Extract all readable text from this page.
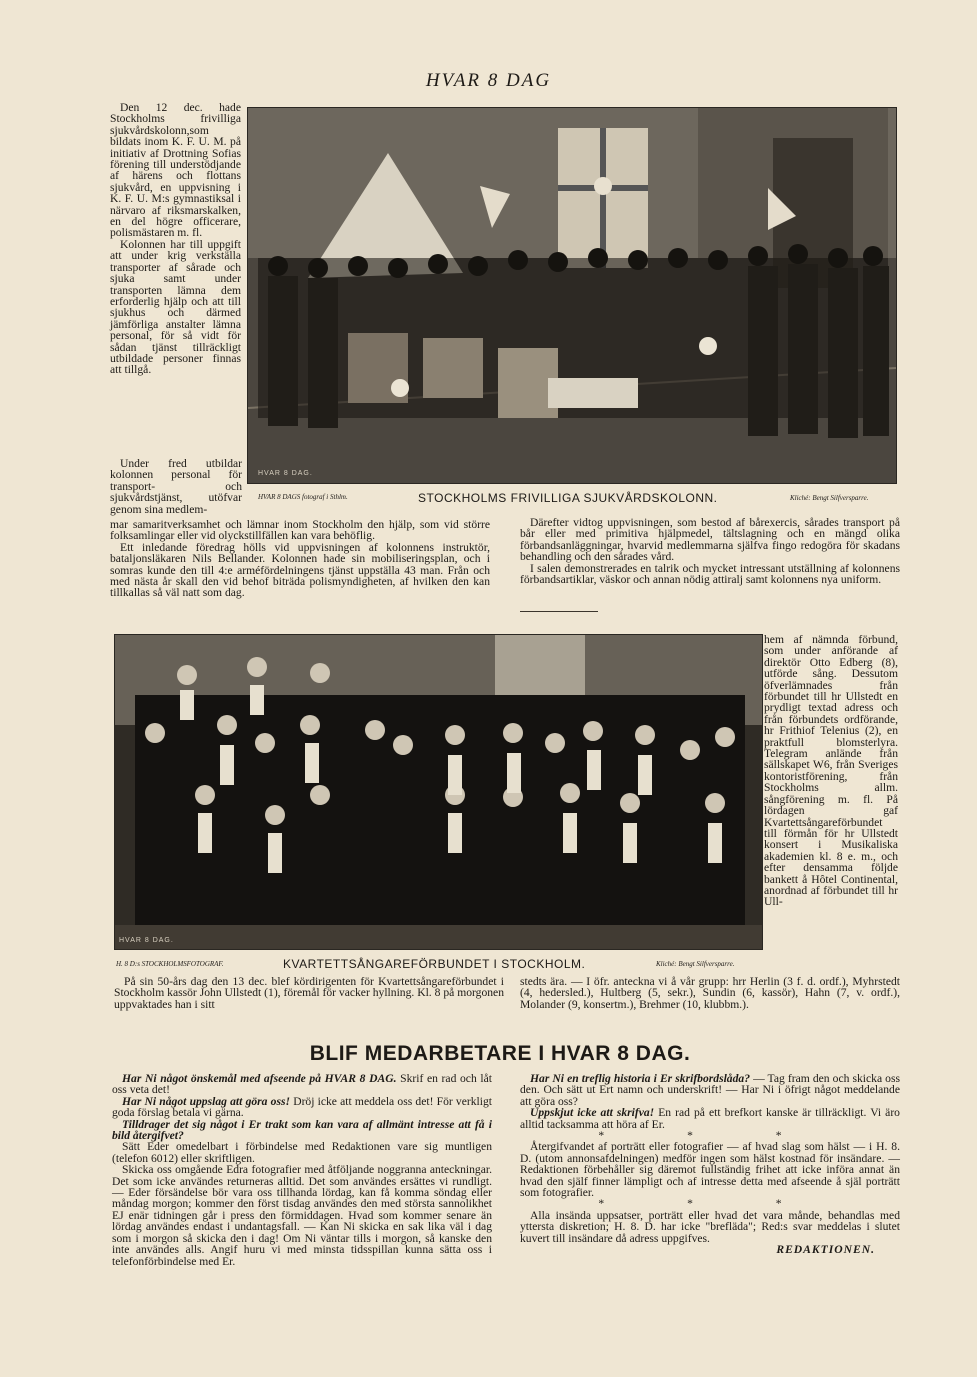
HVAR 8 DAG

Den 12 dec. hade Stockholms frivilliga sjukvårdskolonn,som bildats inom K. F. U. M. på initiativ af Drottning Sofias förening till understödjande af härens och flottans sjukvård, en uppvisning i K. F. U. M:s gymnastiksal i närvaro af riksmarskalken, en del högre officerare, polismästaren m. fl.

Kolonnen har till uppgift att under krig verkställa transporter af sårade och sjuka samt under transporten lämna dem erforderlig hjälp och att till sjukhus och därmed jämförliga anstalter lämna personal, för så vidt för sådan tjänst tillräckligt utbildade personer finnas att tillgå.

Under fred utbildar kolonnen personal för transport- och sjukvårdstjänst, utöfvar genom sina medlem-

HVAR 8 DAG.
HVAR 8 DAGS fotograf i Sthlm.	STOCKHOLMS FRIVILLIGA SJUKVÅRDSKOLONN.	Kliché: Bengt Silfversparre.

mar samaritverksamhet och lämnar inom Stockholm den hjälp, som vid större folksamlingar eller vid olyckstillfällen kan vara behöflig.

Ett inledande föredrag hölls vid uppvisningen af kolonnens instruktör, bataljonsläkaren Nils Bellander. Kolonnen hade sin mobiliseringsplan, och i somras kunde den till 4:e arméfördelningens tjänst uppställa 43 man. Från och med nästa år skall den vid behof biträda polismyndigheten, af hvilken den kan tillkallas så väl natt som dag.

Därefter vidtog uppvisningen, som bestod af bårexercis, sårades transport på bår eller med primitiva hjälpmedel, tältslagning och en mängd olika förbandsanläggningar, hvarvid medlemmarna själfva fingo redogöra för skadans behandling och den sårades vård.

I salen demonstrerades en talrik och mycket intressant utställning af kolonnens förbandsartiklar, väskor och annan nödig attiralj samt kolonnens nya uniform.

HVAR 8 DAG.

hem af nämnda förbund, som under anförande af direktör Otto Edberg (8), utförde sång. Dessutom öfverlämnades från förbundet till hr Ullstedt en prydligt textad adress och från förbundets ordförande, hr Frithiof Telenius (2), en praktfull blomsterlyra. Telegram anlände från sällskapet W6, från Sveriges kontoristförening, från Stockholms allm. sångförening m. fl. På lördagen gaf Kvartettsångareförbundet till förmån för hr Ullstedt konsert i Musikaliska akademien kl. 8 e. m., och efter densamma följde bankett å Hôtel Continental, anordnad af förbundet till hr Ull-

H. 8 D:s STOCKHOLMSFOTOGRAF.	KVARTETTSÅNGAREFÖRBUNDET I STOCKHOLM.	Kliché: Bengt Silfversparre.

På sin 50-års dag den 13 dec. blef kördirigenten för Kvartettsångareförbundet i Stockholm kassör John Ullstedt (1), föremål för vacker hyllning. Kl. 8 på morgonen uppvaktades han i sitt

stedts ära. — I öfr. anteckna vi å vår grupp: hrr Herlin (3 f. d. ordf.), Myhrstedt (4, hedersled.), Hultberg (5, sekr.), Sundin (6, kassör), Hahn (7, v. ordf.), Molander (9, konsertm.), Brehmer (10, klubbm.).

BLIF MEDARBETARE I HVAR 8 DAG.

Har Ni något önskemål med afseende på HVAR 8 DAG. Skrif en rad och låt oss veta det!

Har Ni något uppslag att göra oss! Dröj icke att meddela oss det! För verkligt goda förslag betala vi gärna.

Tilldrager det sig något i Er trakt som kan vara af allmänt intresse att få i bild återgifvet?

Sätt Eder omedelbart i förbindelse med Redaktionen vare sig muntligen (telefon 6012) eller skriftligen.

Skicka oss omgående Edra fotografier med åtföljande noggranna anteckningar. Det som icke användes returneras alltid. Det som användes ersättes vi rundligt. — Eder försändelse bör vara oss tillhanda lördag, kan få komma söndag eller måndag morgon; kommer den först tisdag användes den med största sannolikhet EJ enär tidningen går i press den förmiddagen. Hvad som kommer senare än lördag användes endast i undantagsfall. — Kan Ni skicka en sak lika väl i dag som i morgon så skicka den i dag! Om Ni väntar tills i morgon, så kanske den inte användes alls. Angif huru vi med minsta tidsspillan kunna sätta oss i telefonförbindelse med Er.

Har Ni en treflig historia i Er skrifbordslåda? — Tag fram den och skicka oss den. Och sätt ut Ert namn och underskrift! — Har Ni i öfrigt något meddelande att göra oss?

Uppskjut icke att skrifva! En rad på ett brefkort kanske är tillräckligt. Vi äro alltid tacksamma att höra af Er.

* * *

Återgifvandet af porträtt eller fotografier — af hvad slag som hälst — i H. 8. D. (utom annonsafdelningen) medför ingen som hälst kostnad för insändare. — Redaktionen förbehåller sig däremot fullständig frihet att icke införa annat än hvad den själf finner lämpligt och af intresse detta med afseende å själ porträtt som fotografier.

* * *

Alla insända uppsatser, porträtt eller hvad det vara månde, behandlas med yttersta diskretion; H. 8. D. har icke "brefläda"; Red:s svar meddelas i slutet kuvert till insändare då adress uppgifves.

REDAKTIONEN.
